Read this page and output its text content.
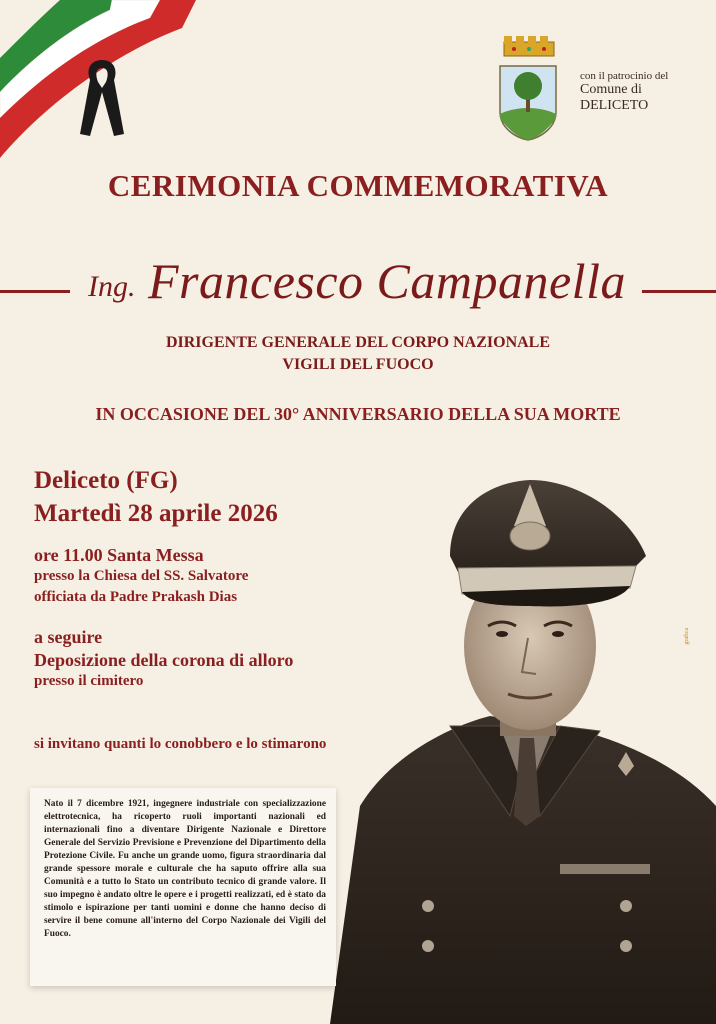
con il patrocinio del
Comune di
DELICETO
CERIMONIA COMMEMORATIVA
Ing. Francesco Campanella
DIRIGENTE GENERALE DEL CORPO NAZIONALE
VIGILI DEL FUOCO
IN OCCASIONE DEL 30° ANNIVERSARIO DELLA SUA MORTE
Deliceto (FG)
Martedì 28 aprile 2026
ore 11.00 Santa Messa
presso la Chiesa del SS. Salvatore
officiata da Padre Prakash Dias
a seguire
Deposizione della corona di alloro
presso il cimitero
si invitano quanti lo conobbero e lo stimarono
grafica
Nato il 7 dicembre 1921, ingegnere industriale con specializzazione elettrotecnica, ha ricoperto ruoli importanti nazionali ed internazionali fino a diventare Dirigente Nazionale e Direttore Generale del Servizio Previsione e Prevenzione del Dipartimento della Protezione Civile. Fu anche un grande uomo, figura straordinaria dal grande spessore morale e culturale che ha saputo offrire alla sua Comunità e a tutto lo Stato un contributo tecnico di grande valore. Il suo impegno è andato oltre le opere e i progetti realizzati, ed è stato da stimolo e ispirazione per tanti uomini e donne che hanno deciso di servire il bene comune all'interno del Corpo Nazionale dei Vigili del Fuoco.
